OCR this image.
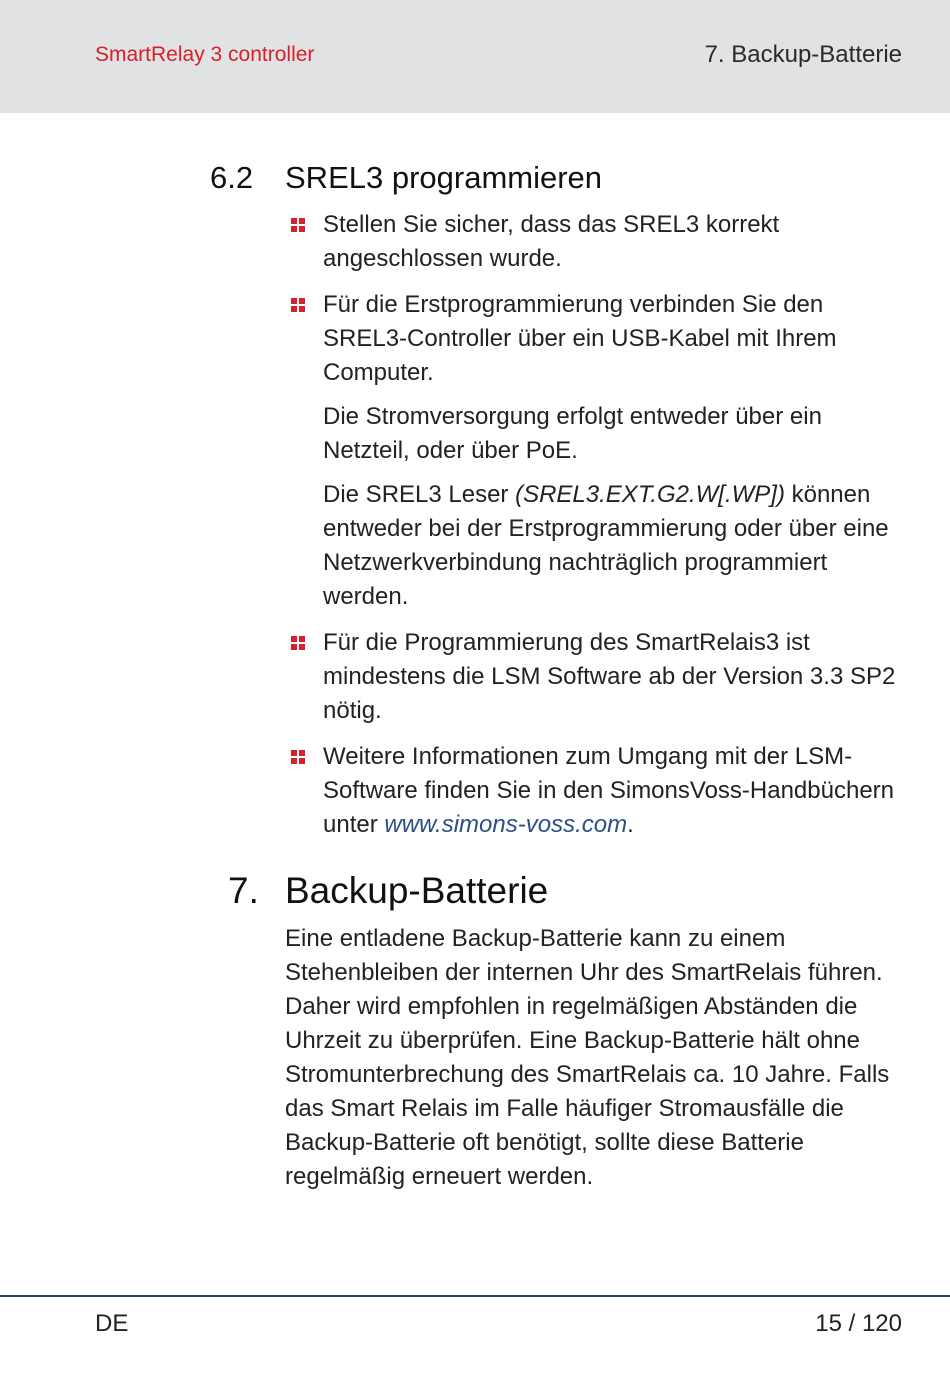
SmartRelay 3 controller	7. Backup-Batterie
6.2 SREL3 programmieren

Stellen Sie sicher, dass das SREL3 korrekt angeschlossen wurde.

Für die Erstprogrammierung verbinden Sie den SREL3-Controller über ein USB-Kabel mit Ihrem Computer.

Die Stromversorgung erfolgt entweder über ein Netzteil, oder über PoE.

Die SREL3 Leser (SREL3.EXT.G2.W[.WP]) können entweder bei der Erstprogrammierung oder über eine Netzwerkverbindung nachträglich programmiert werden.

Für die Programmierung des SmartRelais3 ist mindestens die LSM Software ab der Version 3.3 SP2 nötig.

Weitere Informationen zum Umgang mit der LSM-Software finden Sie in den SimonsVoss-Handbüchern unter www.simons-voss.com.

7. Backup-Batterie

Eine entladene Backup-Batterie kann zu einem Stehenbleiben der internen Uhr des SmartRelais führen. Daher wird empfohlen in regelmäßigen Abständen die Uhrzeit zu überprüfen. Eine Backup-Batterie hält ohne Stromunterbrechung des SmartRelais ca. 10 Jahre. Falls das Smart Relais im Falle häufiger Stromausfälle die Backup-Batterie oft benötigt, sollte diese Batterie regelmäßig erneuert werden.

DE	15 / 120
